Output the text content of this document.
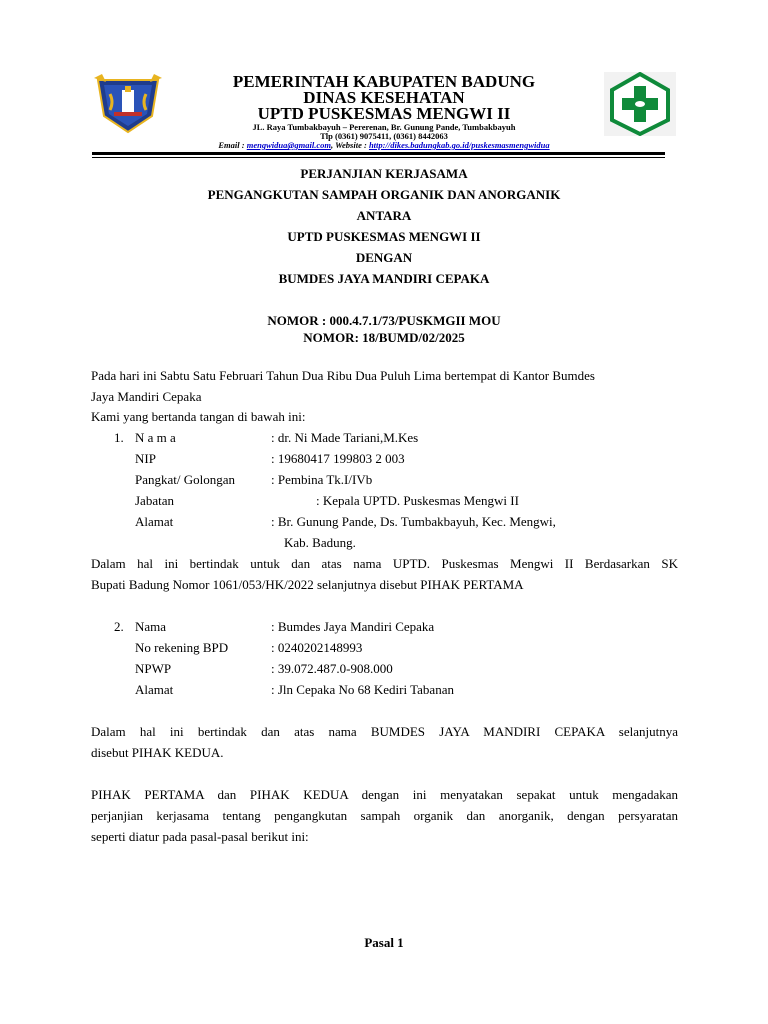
PEMERINTAH KABUPATEN BADUNG
DINAS KESEHATAN
UPTD PUSKESMAS MENGWI II
JL. Raya Tumbakbayuh – Pererenan, Br. Gunung Pande, Tumbakbayuh
Tlp (0361) 9075411, (0361) 8442063
Email : mengwidua@gmail.com, Website : http://dikes.badungkab.go.id/puskesmasmengwidua
PERJANJIAN KERJASAMA
PENGANGKUTAN SAMPAH ORGANIK DAN ANORGANIK
ANTARA
UPTD PUSKESMAS MENGWI II
DENGAN
BUMDES JAYA MANDIRI CEPAKA
NOMOR : 000.4.7.1/73/PUSKMGII MOU
NOMOR: 18/BUMD/02/2025
Pada hari ini Sabtu Satu Februari Tahun Dua Ribu Dua Puluh Lima bertempat di Kantor Bumdes
Jaya Mandiri Cepaka
Kami yang bertanda tangan di bawah ini:
1. N a m a	: dr. Ni Made Tariani,M.Kes
NIP	: 19680417 199803 2 003
Pangkat/ Golongan	: Pembina Tk.I/IVb
Jabatan	: Kepala UPTD. Puskesmas Mengwi II
Alamat	: Br. Gunung Pande, Ds. Tumbakbayuh, Kec. Mengwi,
Kab. Badung.
Dalam hal ini bertindak untuk dan atas nama UPTD. Puskesmas Mengwi II Berdasarkan SK
Bupati Badung Nomor 1061/053/HK/2022 selanjutnya disebut PIHAK PERTAMA
2. Nama	: Bumdes Jaya Mandiri Cepaka
No rekening BPD	: 0240202148993
NPWP	: 39.072.487.0-908.000
Alamat	: Jln Cepaka No 68 Kediri Tabanan
Dalam hal ini bertindak dan atas nama BUMDES JAYA MANDIRI CEPAKA selanjutnya
disebut PIHAK KEDUA.
PIHAK PERTAMA dan PIHAK KEDUA dengan ini menyatakan sepakat untuk mengadakan
perjanjian kerjasama tentang pengangkutan sampah organik dan anorganik, dengan persyaratan
seperti diatur pada pasal-pasal berikut ini:
Pasal 1
